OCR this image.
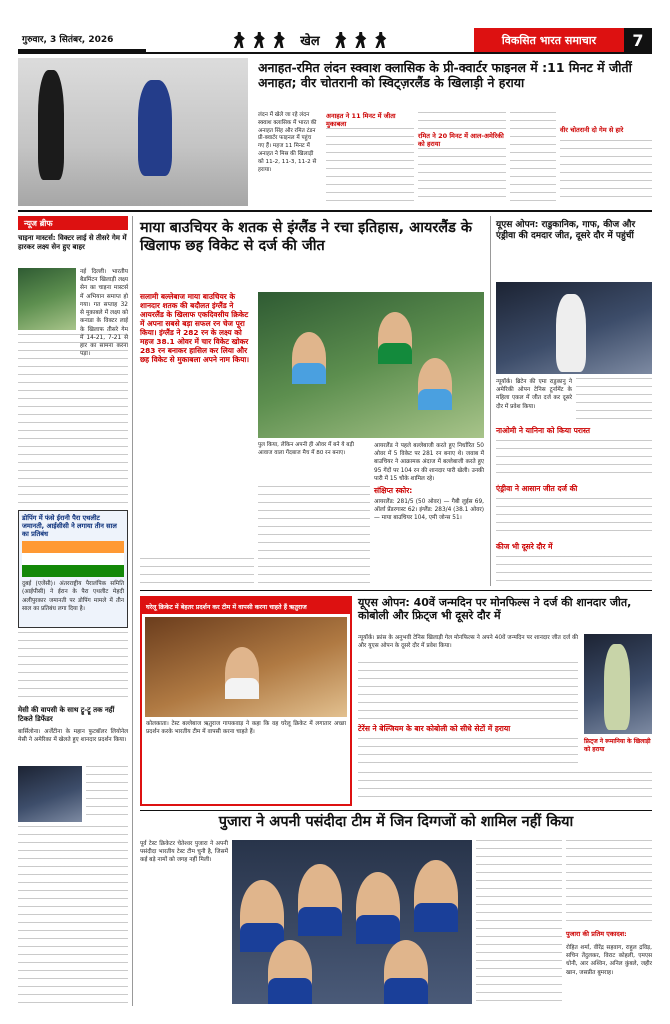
गुरुवार, 3 सितंबर, 2026	खेल	विकसित भारत समाचार	7
अनाहत-रमित लंदन स्क्वाश क्लासिक के प्री-क्वार्टर फाइनल में :11 मिनट में जीतीं अनाहत; वीर चोतरानी को स्विट्ज़रलैंड के खिलाड़ी ने हराया
लंदन में खेले जा रहे लंदन स्क्वाश क्लासिक में भारत की अनाहत सिंह और रमित टंडन प्री-क्वार्टर फाइनल में पहुंच गए हैं। महज 11 मिनट में अनाहत ने मिस्र की खिलाड़ी को 11-2, 11-3, 11-2 से हराया।
अनाहत ने 11 मिनट में जीता मुकाबला
रमित ने 20 मिनट में आल-अमेरिकी को हराया
वीर चोतरानी दो गेम से हारे
न्यूज ब्रीफ
चाइना मास्टर्स: विक्टर लाई से तीसरे गेम में हारकर लक्ष्य सेन हुए बाहर
नई दिल्ली। भारतीय बैडमिंटन खिलाड़ी लक्ष्य सेन का चाइना मास्टर्स में अभियान समाप्त हो गया। गत सप्ताह 32 से मुकाबले में लक्ष्य को कनाडा के विक्टर लाई के खिलाफ तीसरे गेम में 14-21, 7-21 से हार का सामना करना पड़ा।
डोपिंग में फंसे ईरानी पैरा एथलीट जमानती, आईसीसी ने लगाया तीन साल का प्रतिबंध
दुबई (एजेंसी)। अंतरराष्ट्रीय पैरालंपिक समिति (आईपीसी) ने ईरान के पैरा एथलीट मेहदी अलीपुरकार जमानती पर डोपिंग मामले में तीन साल का प्रतिबंध लगा दिया है।
मेसी की वापसी के साथ ट्रू-ट्रू तक नहीं टिकते डिफेंडर
बार्सिलोना। अर्जेंटीना के महान फुटबॉलर लियोनेल मेसी ने अमेरिका में खेलते हुए शानदार प्रदर्शन किया।
माया बाउचियर के शतक से इंग्लैंड ने रचा इतिहास, आयरलैंड के खिलाफ छह विकेट से दर्ज की जीत
सलामी बल्लेबाज माया बाउचियर के शानदार शतक की बदौलत इंग्लैंड ने आयरलैंड के खिलाफ एकदिवसीय क्रिकेट में अपना सबसे बड़ा सफल रन चेज पूरा किया। इंग्लैंड ने 282 रन के लक्ष्य को महज 38.1 ओवर में चार विकेट खोकर 283 रन बनाकर हासिल कर लिया और छह विकेट से मुकाबला अपने नाम किया।
पुल किया, लेकिन अपनी ही ओवर में बने ये बड़ी आवाज वाला गेंदबाज मैच में 80 रन बनाए।
आयरलैंड ने पहले बल्लेबाजी करते हुए निर्धारित 50 ओवर में 5 विकेट पर 281 रन बनाए थे। जवाब में बाउचियर ने आक्रामक अंदाज में बल्लेबाजी करते हुए 95 गेंदों पर 104 रन की शानदार पारी खेली। उनकी पारी में 15 चौके शामिल रहे।
संक्षिप्त स्कोर:
आयरलैंड: 281/5 (50 ओवर) — गैबी लुईस 69, ऑर्ला प्रेंडरगास्ट 62। इंग्लैंड: 283/4 (38.1 ओवर) — माया बाउचियर 104, एमी जोन्स 51।
यूएस ओपन: राडुकानिक, गाफ, कीज और एंड्रीवा की दमदार जीत, दूसरे दौर में पहुंचीं
न्यूयॉर्क। ब्रिटेन की एमा राडुकानु ने अमेरिकी ओपन टेनिस टूर्नामेंट के महिला एकल में जीत दर्ज कर दूसरे दौर में प्रवेश किया।
नाओमी ने यानिना को किया परास्त
एंड्रीवा ने आसान जीत दर्ज की
कीज भी दूसरे दौर में
घरेलू क्रिकेट में बेहतर प्रदर्शन कर टीम में वापसी करना चाहते हैं ऋतुराज
कोलकाता। टेस्ट बल्लेबाज ऋतुराज गायकवाड़ ने कहा कि वह घरेलू क्रिकेट में लगातार अच्छा प्रदर्शन करके भारतीय टीम में वापसी करना चाहते हैं।
यूएस ओपन: 40वें जन्मदिन पर मोनफिल्स ने दर्ज की शानदार जीत, कोबोली और फ्रिट्ज भी दूसरे दौर में
न्यूयॉर्क। फ्रांस के अनुभवी टेनिस खिलाड़ी गेल मोनफिल्स ने अपने 40वें जन्मदिन पर शानदार जीत दर्ज की और यूएस ओपन के दूसरे दौर में प्रवेश किया।
टेरेंस ने बेल्जियम के बार कोबोली को सीधे सेटों में हराया
फ्रिट्ज ने रूमानिया के खिलाड़ी को हराया
पुजारा ने अपनी पसंदीदा टीम में जिन दिग्गजों को शामिल नहीं किया
पूर्व टेस्ट क्रिकेटर चेतेश्वर पुजारा ने अपनी पसंदीदा भारतीय टेस्ट टीम चुनी है, जिसमें कई बड़े नामों को जगह नहीं मिली।
पुजारा की प्रतिम एकादश:
रोहित शर्मा, वीरेंद्र सहवाग, राहुल द्रविड़, सचिन तेंदुलकर, विराट कोहली, एमएस धोनी, आर अश्विन, अनिल कुंबले, जहीर खान, जसप्रीत बुमराह।
